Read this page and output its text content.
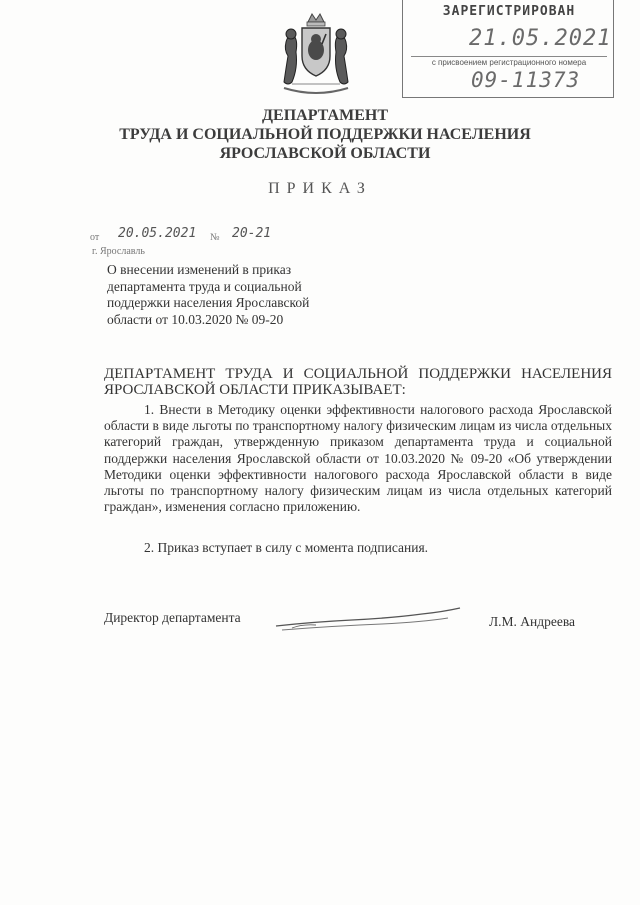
ЗАРЕГИСТРИРОВАН
21.05.2021
с присвоением регистрационного номера
09-11373
ДЕПАРТАМЕНТ
ТРУДА И СОЦИАЛЬНОЙ ПОДДЕРЖКИ НАСЕЛЕНИЯ
ЯРОСЛАВСКОЙ ОБЛАСТИ
ПРИКАЗ
от 20.05.2021 № 20-21
г. Ярославль
О внесении изменений в приказ
департамента труда и социальной
поддержки населения Ярославской
области от 10.03.2020 № 09-20
ДЕПАРТАМЕНТ ТРУДА И СОЦИАЛЬНОЙ ПОДДЕРЖКИ НАСЕЛЕНИЯ ЯРОСЛАВСКОЙ ОБЛАСТИ ПРИКАЗЫВАЕТ:
1. Внести в Методику оценки эффективности налогового расхода Ярославской области в виде льготы по транспортному налогу физическим лицам из числа отдельных категорий граждан, утвержденную приказом департамента труда и социальной поддержки населения Ярославской области от 10.03.2020 № 09-20 «Об утверждении Методики оценки эффективности налогового расхода Ярославской области в виде льготы по транспортному налогу физическим лицам из числа отдельных категорий граждан», изменения согласно приложению.
2. Приказ вступает в силу с момента подписания.
Директор департамента	Л.М. Андреева
